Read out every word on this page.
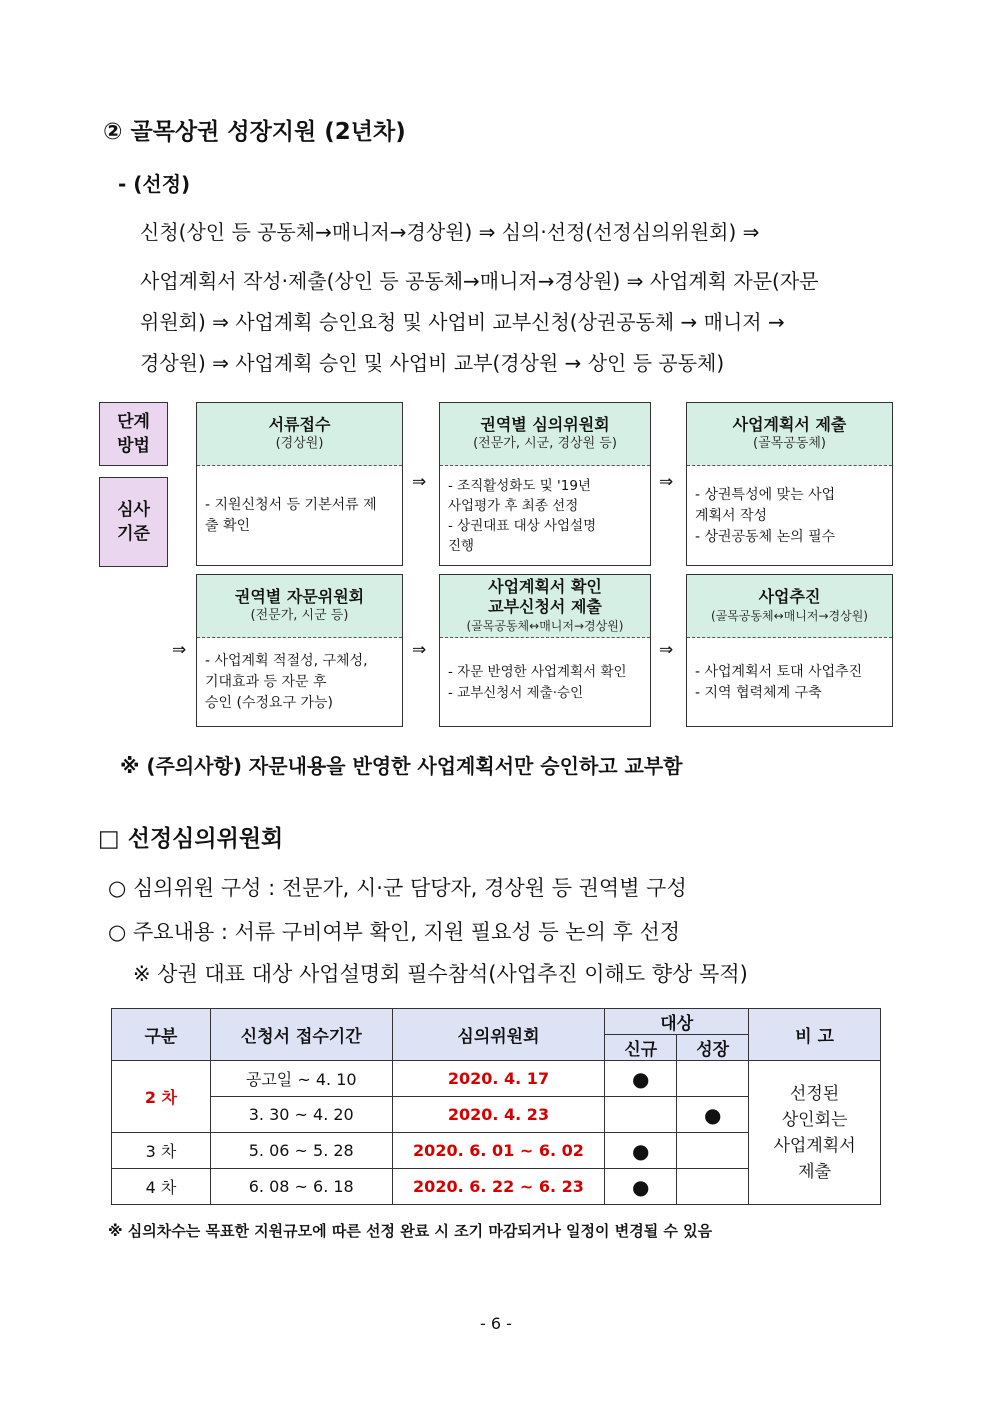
② 골목상권 성장지원 (2년차)
- (선정)
신청(상인 등 공동체→매니저→경상원) ⇒ 심의·선정(선정심의위원회) ⇒
사업계획서 작성·제출(상인 등 공동체→매니저→경상원) ⇒ 사업계획 자문(자문
위원회) ⇒ 사업계획 승인요청 및 사업비 교부신청(상권공동체 → 매니저 →
경상원) ⇒ 사업계획 승인 및 사업비 교부(경상원 → 상인 등 공동체)
단계
방법
심사
기준
서류접수
(경상원)
- 지원신청서 등 기본서류 제
출 확인
⇒
권역별 심의위원회
(전문가, 시군, 경상원 등)
- 조직활성화도 및 '19년
사업평가 후 최종 선정
- 상권대표 대상 사업설명
진행
⇒
사업계획서 제출
(골목공동체)
- 상권특성에 맞는 사업
계획서 작성
- 상권공동체 논의 필수
⇒
권역별 자문위원회
(전문가, 시군 등)
- 사업계획 적절성, 구체성,
기대효과 등 자문 후
승인 (수정요구 가능)
⇒
사업계획서 확인
교부신청서 제출
(골목공동체↔매니저→경상원)
- 자문 반영한 사업계획서 확인
- 교부신청서 제출·승인
⇒
사업추진
(골목공동체↔매니저→경상원)
- 사업계획서 토대 사업추진
- 지역 협력체계 구축
※ (주의사항) 자문내용을 반영한 사업계획서만 승인하고 교부함
□ 선정심의위원회
○ 심의위원 구성 : 전문가, 시·군 담당자, 경상원 등 권역별 구성
○ 주요내용 : 서류 구비여부 확인, 지원 필요성 등 논의 후 선정
※ 상권 대표 대상 사업설명회 필수참석(사업추진 이해도 향상 목적)
구분	신청서 접수기간	심의위원회	대상		비 고
			신규	성장	
2 차	공고일 ~ 4. 10	2020. 4. 17	●		선정된
상인회는
사업계획서
제출

	3. 30 ~ 4. 20	2020. 4. 23		●	
3 차	5. 06 ~ 5. 28	2020. 6. 01 ~ 6. 02	●		
4 차	6. 08 ~ 6. 18	2020. 6. 22 ~ 6. 23	●		
※ 심의차수는 목표한 지원규모에 따른 선정 완료 시 조기 마감되거나 일정이 변경될 수 있음
- 6 -
